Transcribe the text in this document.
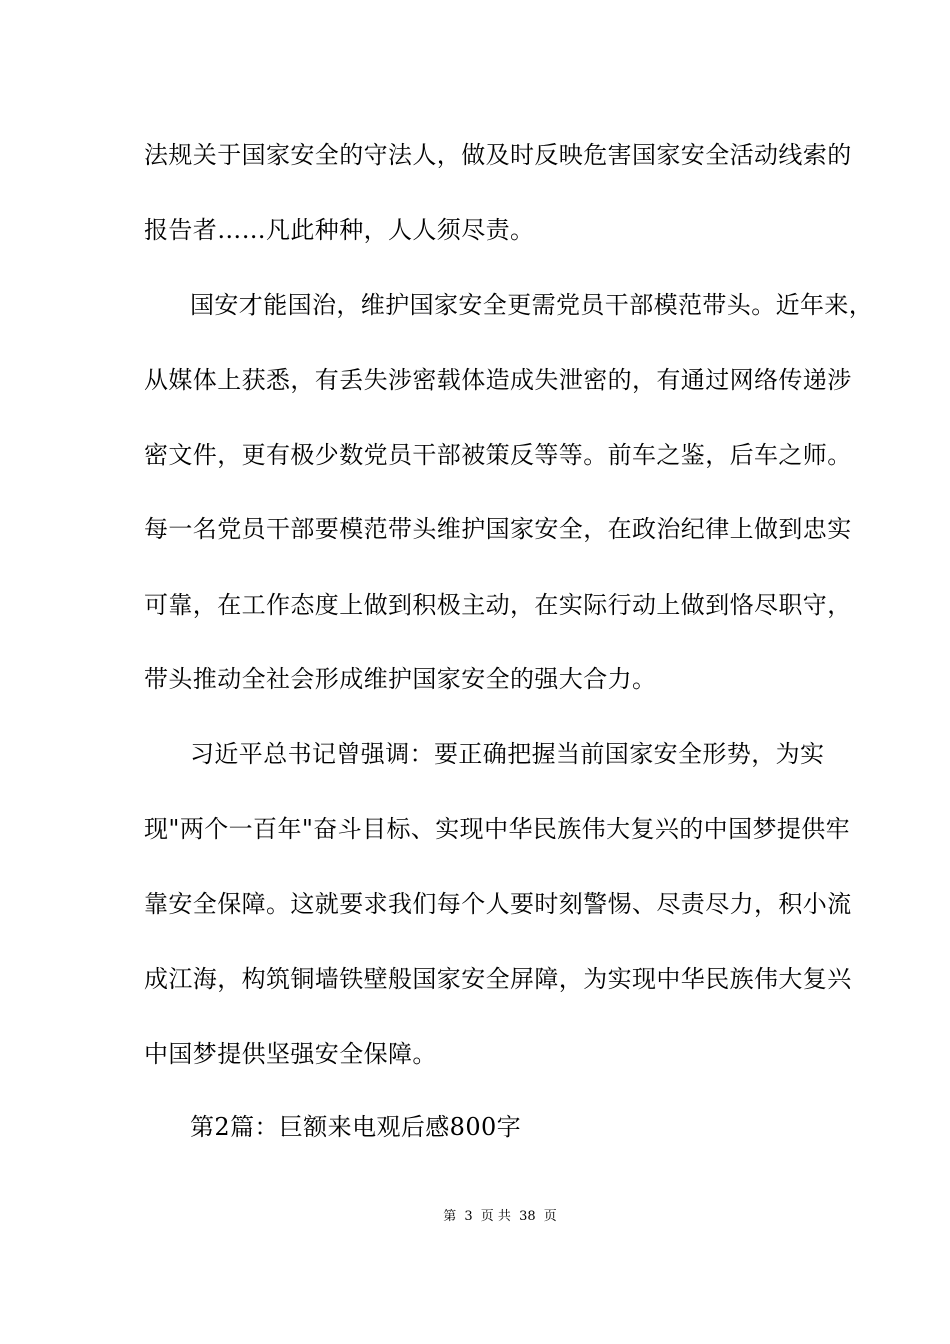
法规关于国家安全的守法人，做及时反映危害国家安全活动线索的
报告者……凡此种种，人人须尽责。
国安才能国治，维护国家安全更需党员干部模范带头。近年来，
从媒体上获悉，有丢失涉密载体造成失泄密的，有通过网络传递涉
密文件，更有极少数党员干部被策反等等。前车之鉴，后车之师。
每一名党员干部要模范带头维护国家安全，在政治纪律上做到忠实
可靠，在工作态度上做到积极主动，在实际行动上做到恪尽职守，
带头推动全社会形成维护国家安全的强大合力。
习近平总书记曾强调：要正确把握当前国家安全形势，为实
现"两个一百年"奋斗目标、实现中华民族伟大复兴的中国梦提供牢
靠安全保障。这就要求我们每个人要时刻警惕、尽责尽力，积小流
成江海，构筑铜墙铁壁般国家安全屏障，为实现中华民族伟大复兴
中国梦提供坚强安全保障。
第2篇：巨额来电观后感800字
第 3 页 共 38 页
